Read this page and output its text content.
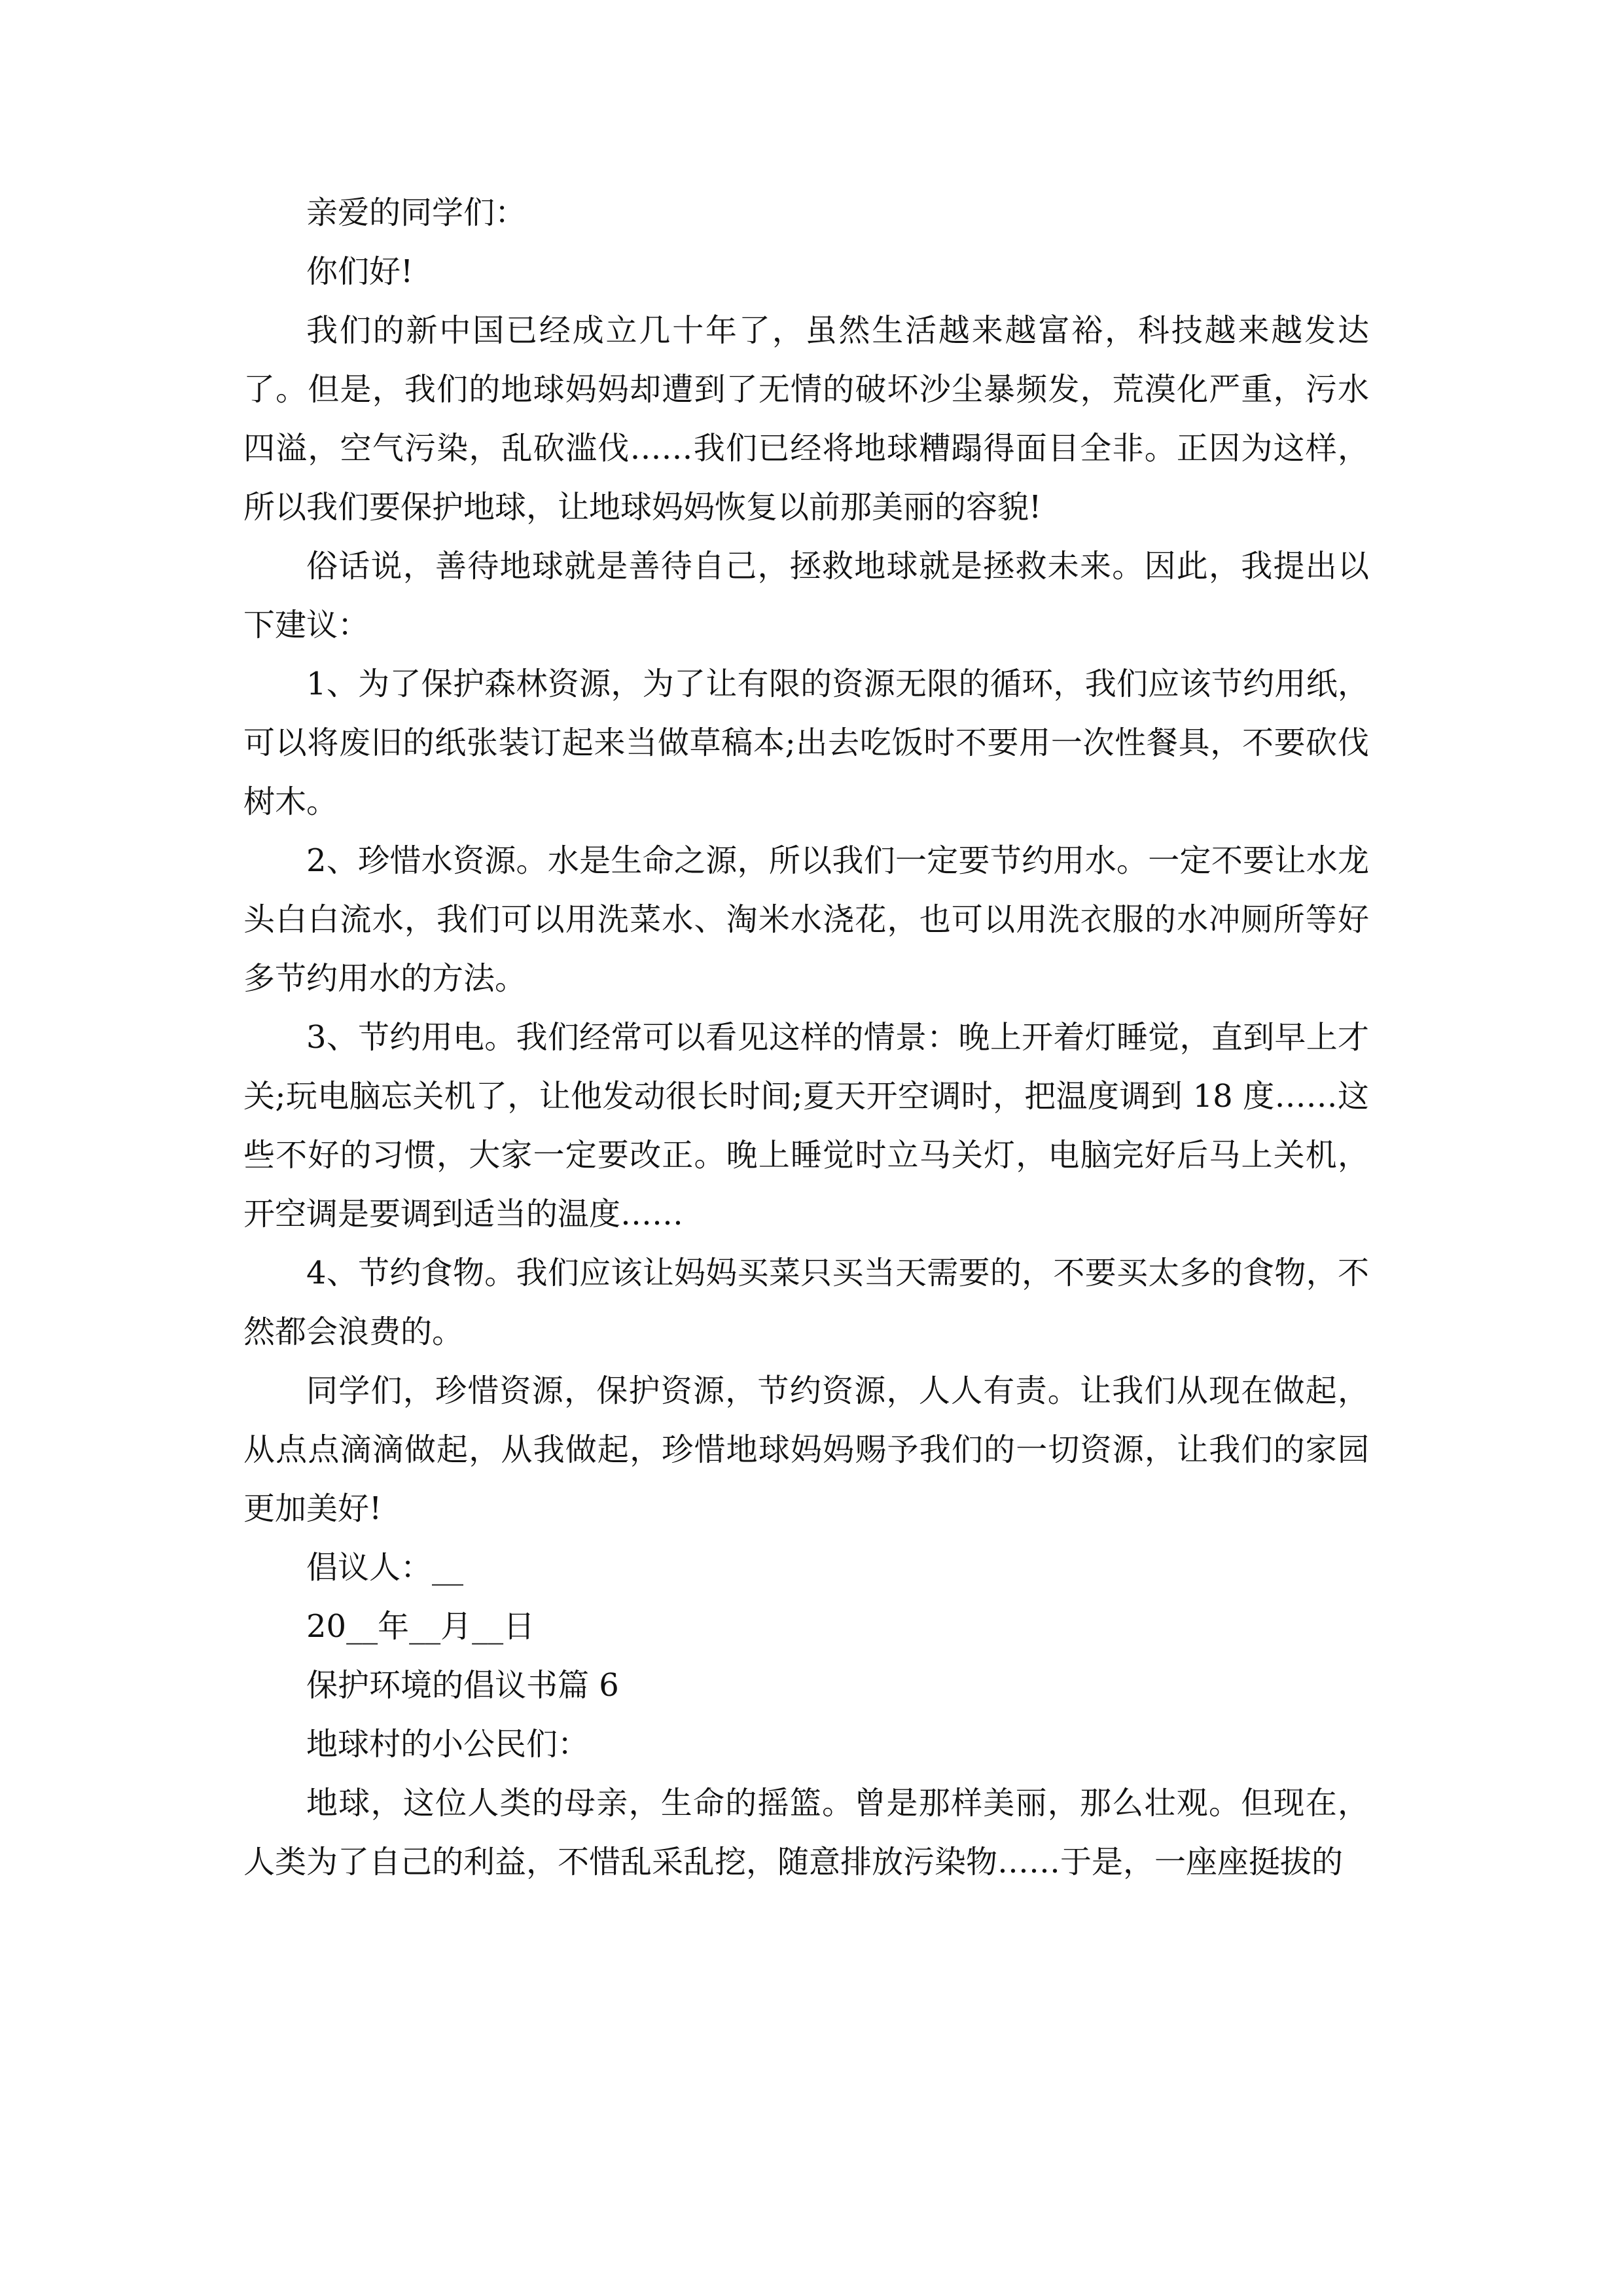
亲爱的同学们：

你们好!

我们的新中国已经成立几十年了，虽然生活越来越富裕，科技越来越发达了。但是，我们的地球妈妈却遭到了无情的破坏沙尘暴频发，荒漠化严重，污水四溢，空气污染，乱砍滥伐……我们已经将地球糟蹋得面目全非。正因为这样，所以我们要保护地球，让地球妈妈恢复以前那美丽的容貌!

俗话说，善待地球就是善待自己，拯救地球就是拯救未来。因此，我提出以下建议：

1、为了保护森林资源，为了让有限的资源无限的循环，我们应该节约用纸，可以将废旧的纸张装订起来当做草稿本;出去吃饭时不要用一次性餐具，不要砍伐树木。

2、珍惜水资源。水是生命之源，所以我们一定要节约用水。一定不要让水龙头白白流水，我们可以用洗菜水、淘米水浇花，也可以用洗衣服的水冲厕所等好多节约用水的方法。

3、节约用电。我们经常可以看见这样的情景：晚上开着灯睡觉，直到早上才关;玩电脑忘关机了，让他发动很长时间;夏天开空调时，把温度调到 18 度……这些不好的习惯，大家一定要改正。晚上睡觉时立马关灯，电脑完好后马上关机，开空调是要调到适当的温度……

4、节约食物。我们应该让妈妈买菜只买当天需要的，不要买太多的食物，不然都会浪费的。

同学们，珍惜资源，保护资源，节约资源，人人有责。让我们从现在做起，从点点滴滴做起，从我做起，珍惜地球妈妈赐予我们的一切资源，让我们的家园更加美好!

倡议人：__

20__年__月__日

保护环境的倡议书篇 6

地球村的小公民们：

地球，这位人类的母亲，生命的摇篮。曾是那样美丽，那么壮观。但现在，人类为了自己的利益，不惜乱采乱挖，随意排放污染物……于是，一座座挺拔的
